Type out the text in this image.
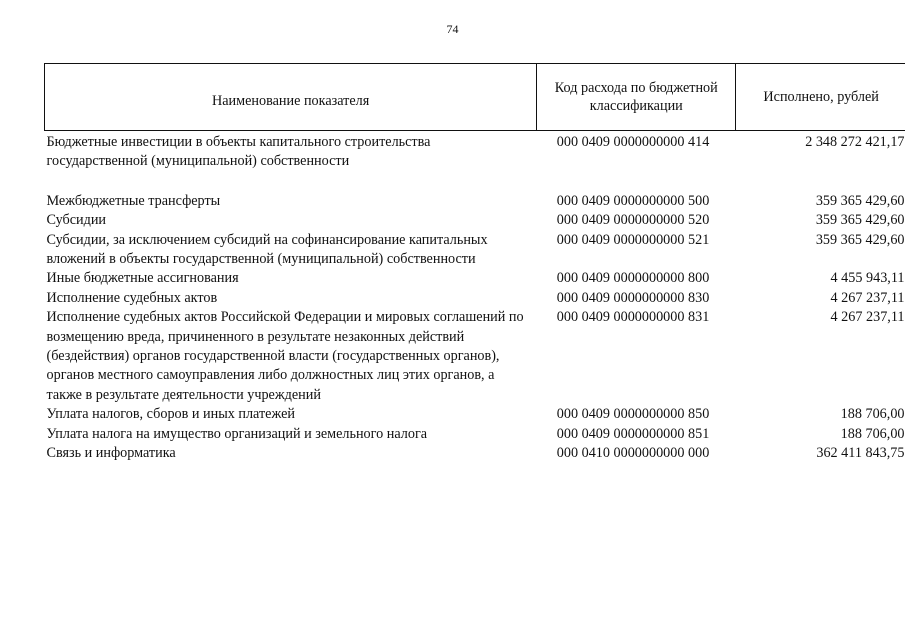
74
Наименование показателя	Код расхода по бюджетной классификации	Исполнено, рублей
Бюджетные инвестиции в объекты капитального строительства государственной (муниципальной) собственности	000 0409 0000000000 414	2 348 272 421,17

Межбюджетные трансферты	000 0409 0000000000 500	359 365 429,60
Субсидии	000 0409 0000000000 520	359 365 429,60
Субсидии, за исключением субсидий на софинансирование капитальных вложений в объекты государственной (муниципальной) собственности	000 0409 0000000000 521	359 365 429,60
Иные бюджетные ассигнования	000 0409 0000000000 800	4 455 943,11
Исполнение судебных актов	000 0409 0000000000 830	4 267 237,11
Исполнение судебных актов Российской Федерации и мировых соглашений по возмещению вреда, причиненного в результате незаконных действий (бездействия) органов государственной власти (государственных органов), органов местного самоуправления либо должностных лиц этих органов, а также в результате деятельности учреждений	000 0409 0000000000 831	4 267 237,11
Уплата налогов, сборов и иных платежей	000 0409 0000000000 850	188 706,00
Уплата налога на имущество организаций и земельного налога	000 0409 0000000000 851	188 706,00
Связь и информатика	000 0410 0000000000 000	362 411 843,75
